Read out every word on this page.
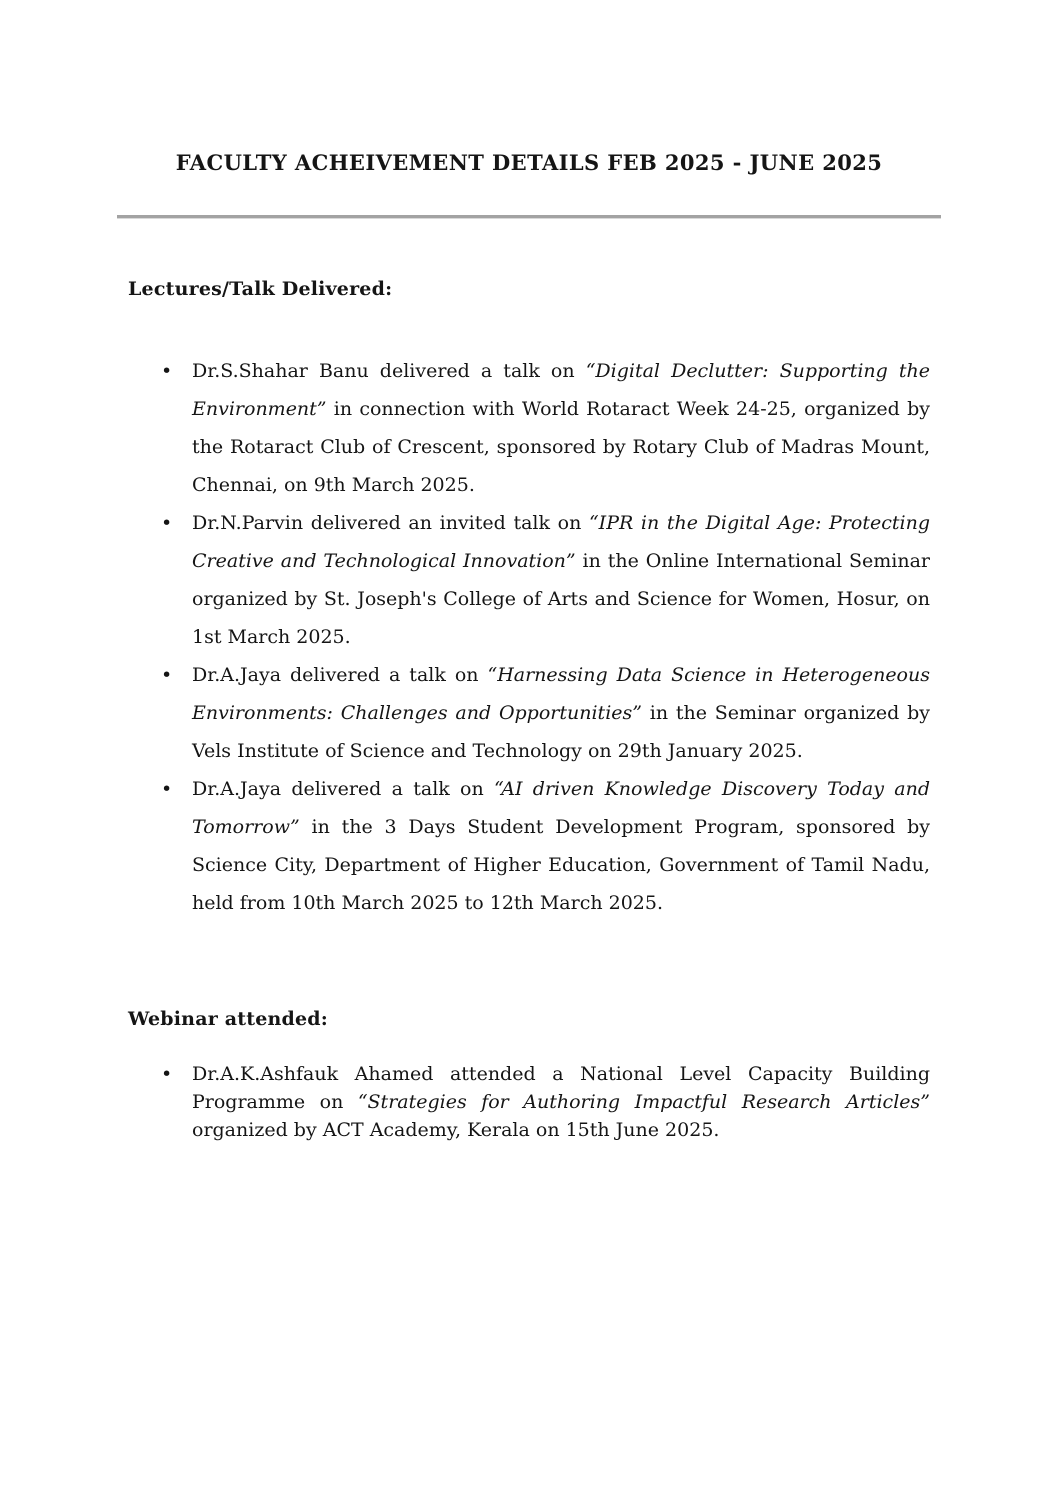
FACULTY ACHEIVEMENT DETAILS FEB 2025 - JUNE 2025
Lectures/Talk Delivered:
• Dr.S.Shahar Banu delivered a talk on “Digital Declutter: Supporting the Environment” in connection with World Rotaract Week 24-25, organized by the Rotaract Club of Crescent, sponsored by Rotary Club of Madras Mount, Chennai, on 9th March 2025.
• Dr.N.Parvin delivered an invited talk on “IPR in the Digital Age: Protecting Creative and Technological Innovation” in the Online International Seminar organized by St. Joseph's College of Arts and Science for Women, Hosur, on 1st March 2025.
• Dr.A.Jaya delivered a talk on “Harnessing Data Science in Heterogeneous Environments: Challenges and Opportunities” in the Seminar organized by Vels Institute of Science and Technology on 29th January 2025.
• Dr.A.Jaya delivered a talk on “AI driven Knowledge Discovery Today and Tomorrow” in the 3 Days Student Development Program, sponsored by Science City, Department of Higher Education, Government of Tamil Nadu, held from 10th March 2025 to 12th March 2025.
Webinar attended:
• Dr.A.K.Ashfauk Ahamed attended a National Level Capacity Building Programme on “Strategies for Authoring Impactful Research Articles” organized by ACT Academy, Kerala on 15th June 2025.
